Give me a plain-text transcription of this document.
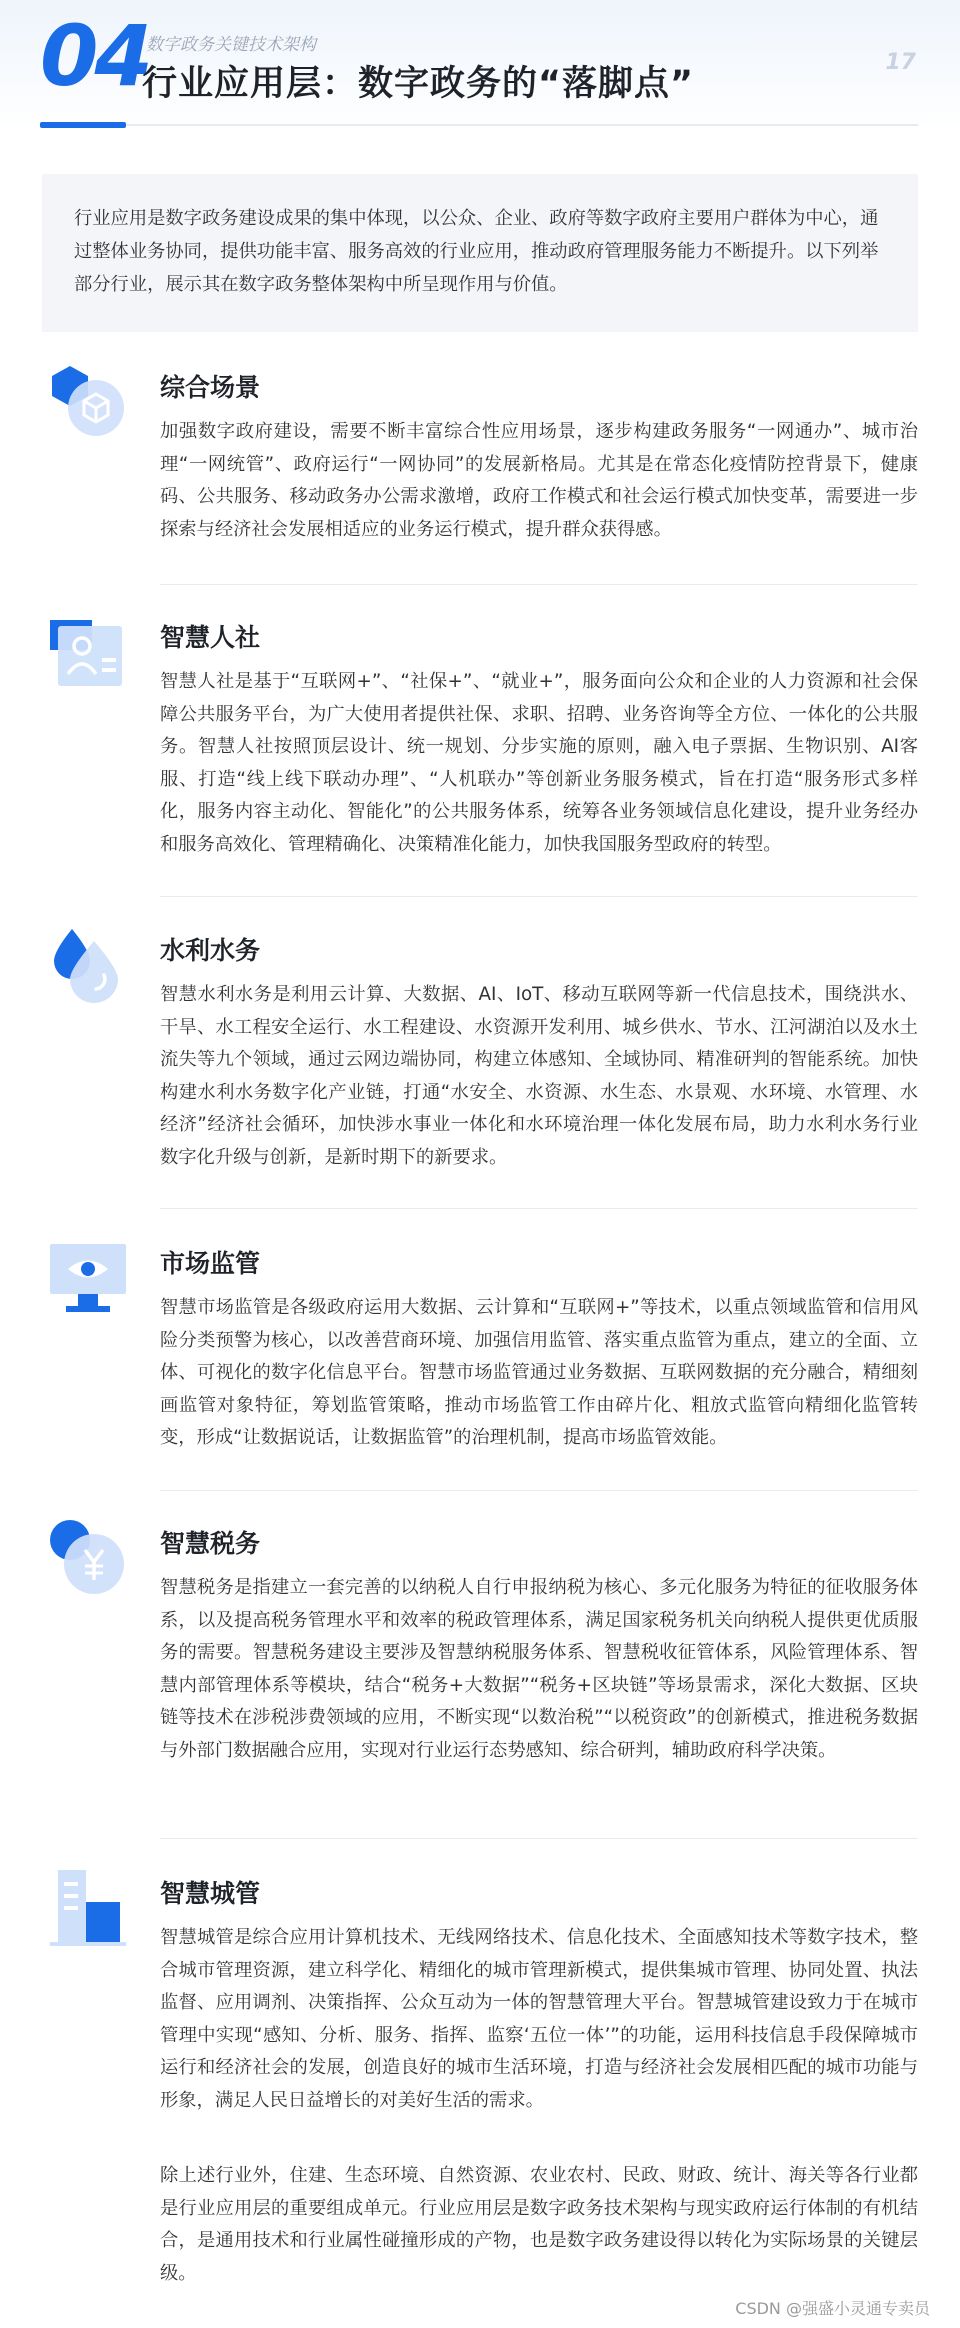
04
数字政务关键技术架构
行业应用层：数字政务的“落脚点”
17
行业应用是数字政务建设成果的集中体现，以公众、企业、政府等数字政府主要用户群体为中心，通过整体业务协同，提供功能丰富、服务高效的行业应用，推动政府管理服务能力不断提升。以下列举部分行业，展示其在数字政务整体架构中所呈现作用与价值。
综合场景
加强数字政府建设，需要不断丰富综合性应用场景，逐步构建政务服务“一网通办”、城市治理“一网统管”、政府运行“一网协同”的发展新格局。尤其是在常态化疫情防控背景下，健康码、公共服务、移动政务办公需求激增，政府工作模式和社会运行模式加快变革，需要进一步探索与经济社会发展相适应的业务运行模式，提升群众获得感。
智慧人社
智慧人社是基于“互联网+”、“社保+”、“就业+”，服务面向公众和企业的人力资源和社会保障公共服务平台，为广大使用者提供社保、求职、招聘、业务咨询等全方位、一体化的公共服务。智慧人社按照顶层设计、统一规划、分步实施的原则，融入电子票据、生物识别、AI客服、打造“线上线下联动办理”、“人机联办”等创新业务服务模式，旨在打造“服务形式多样化，服务内容主动化、智能化”的公共服务体系，统筹各业务领域信息化建设，提升业务经办和服务高效化、管理精确化、决策精准化能力，加快我国服务型政府的转型。
水利水务
智慧水利水务是利用云计算、大数据、AI、IoT、移动互联网等新一代信息技术，围绕洪水、干旱、水工程安全运行、水工程建设、水资源开发利用、城乡供水、节水、江河湖泊以及水土流失等九个领域，通过云网边端协同，构建立体感知、全域协同、精准研判的智能系统。加快构建水利水务数字化产业链，打通“水安全、水资源、水生态、水景观、水环境、水管理、水经济”经济社会循环，加快涉水事业一体化和水环境治理一体化发展布局，助力水利水务行业数字化升级与创新，是新时期下的新要求。
市场监管
智慧市场监管是各级政府运用大数据、云计算和“互联网+”等技术，以重点领域监管和信用风险分类预警为核心，以改善营商环境、加强信用监管、落实重点监管为重点，建立的全面、立体、可视化的数字化信息平台。智慧市场监管通过业务数据、互联网数据的充分融合，精细刻画监管对象特征，筹划监管策略，推动市场监管工作由碎片化、粗放式监管向精细化监管转变，形成“让数据说话，让数据监管”的治理机制，提高市场监管效能。
智慧税务
智慧税务是指建立一套完善的以纳税人自行申报纳税为核心、多元化服务为特征的征收服务体系，以及提高税务管理水平和效率的税政管理体系，满足国家税务机关向纳税人提供更优质服务的需要。智慧税务建设主要涉及智慧纳税服务体系、智慧税收征管体系，风险管理体系、智慧内部管理体系等模块，结合“税务+大数据”“税务+区块链”等场景需求，深化大数据、区块链等技术在涉税涉费领域的应用，不断实现“以数治税”“以税资政”的创新模式，推进税务数据与外部门数据融合应用，实现对行业运行态势感知、综合研判，辅助政府科学决策。
智慧城管
智慧城管是综合应用计算机技术、无线网络技术、信息化技术、全面感知技术等数字技术，整合城市管理资源，建立科学化、精细化的城市管理新模式，提供集城市管理、协同处置、执法监督、应用调剂、决策指挥、公众互动为一体的智慧管理大平台。智慧城管建设致力于在城市管理中实现“感知、分析、服务、指挥、监察‘五位一体’”的功能，运用科技信息手段保障城市运行和经济社会的发展，创造良好的城市生活环境，打造与经济社会发展相匹配的城市功能与形象，满足人民日益增长的对美好生活的需求。
除上述行业外，住建、生态环境、自然资源、农业农村、民政、财政、统计、海关等各行业都是行业应用层的重要组成单元。行业应用层是数字政务技术架构与现实政府运行体制的有机结合，是通用技术和行业属性碰撞形成的产物，也是数字政务建设得以转化为实际场景的关键层级。
CSDN @强盛小灵通专卖员
